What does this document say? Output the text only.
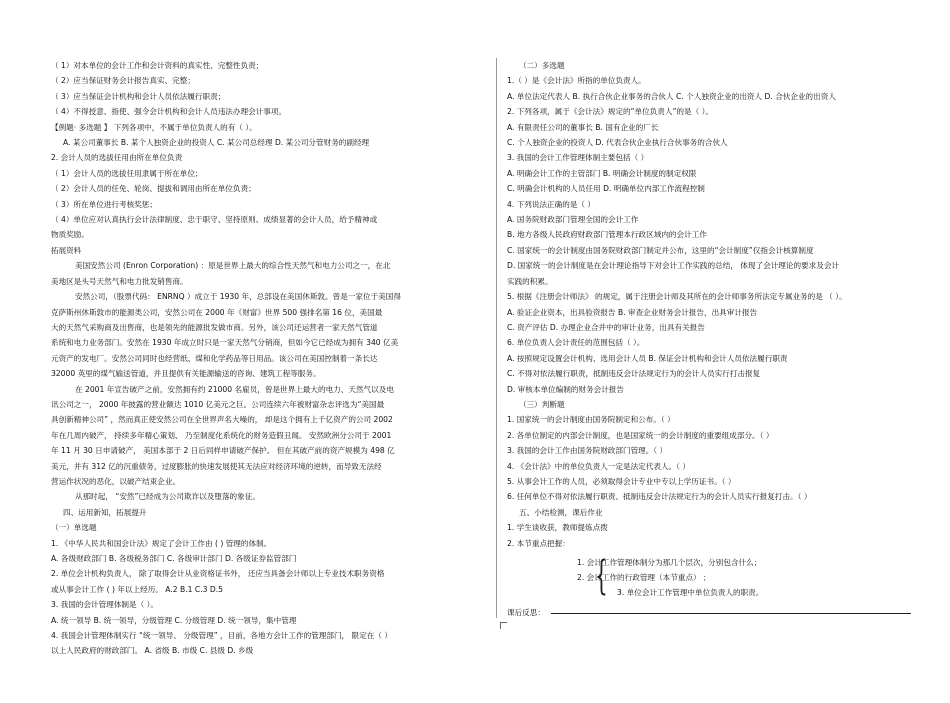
（ 1）对本单位的会计工作和会计资料的真实性、完整性负责；
（ 2）应当保证财务会计报告真实、完整；
（ 3）应当保证会计机构和会计人员依法履行职责；
（ 4）不得授意、指使、强令会计机构和会计人员违法办理会计事项。
【例题· 多选题 】 下列各项中，不属于单位负责人的有（ ）。
A. 某公司董事长 B. 某个人独资企业的投资人 C. 某公司总经理 D. 某公司分管财务的副经理
2. 会计人员的选拔任用由所在单位负责
（ 1）会计人员的选拔任用隶属于所在单位；
（ 2）会计人员的任免、轮岗、提拔和调用由所在单位负责；
（ 3）所在单位进行考核奖惩；
（ 4）单位应对认真执行会计法律制度、忠于职守、坚持原则、成绩显著的会计人员，给予精神或
物质奖励。
拓展资料
美国安然公司 (Enron Corporation) ：原是世界上最大的综合性天然气和电力公司之一，在北
美地区是头号天然气和电力批发销售商。
安然公司，（股票代码： ENRNQ ）成立于 1930 年，总部设在美国休斯敦。曾是一家位于美国得
克萨斯州休斯敦市的能源类公司，安然公司在 2000 年《财富》世界 500 强排名第 16 位，美国最
大的天然气采购商及出售商，也是领先的能源批发做市商。另外，该公司还运营者一家天然气管道
系统和电力业务部门。安然在 1930 年成立时只是一家天然气分销商，但如今它已经成为拥有 340 亿美
元资产的发电厂。安然公司同时也经营纸、煤和化学药品等日用品。该公司在美国控制着一条长达
32000 英里的煤气输送管道，并且提供有关能源输送的咨询、建筑工程等服务。
在 2001 年宣告破产之前，安然拥有约 21000 名雇员，曾是世界上最大的电力、天然气以及电
讯公司之一， 2000 年披露的营业额达 1010 亿美元之巨。公司连续六年被财富杂志评选为“美国最
具创新精神公司” ，然而真正使安然公司在全世界声名大噪的， 却是这个拥有上千亿资产的公司 2002
年在几周内破产， 持续多年精心策划、 乃至制度化系统化的财务造假丑闻。 安然欧洲分公司于 2001
年 11 月 30 日申请破产， 美国本部于 2 日后同样申请破产保护。 但在其破产前的资产规模为 498 亿
美元，并有 312 亿的沉重债务，过度膨胀的快速发展使其无法应对经济环境的逆转，而导致无法经
营运作状况的恶化，以破产结束企业。
从那时起， “安然”已经成为公司欺诈以及堕落的象征。
四、运用新知，拓展提升
（一）单选题
1. 《中华人民共和国会计法》规定了会计工作由 ( ) 管理的体制。
A. 各级财政部门 B. 各级税务部门 C. 各级审计部门 D. 各级证券监管部门
2. 单位会计机构负责人， 除了取得会计从业资格证书外， 还应当具备会计师以上专业技术职务资格
或从事会计工作 ( ) 年以上经历。 A.2 B.1 C.3 D.5
3. 我国的会计管理体制是（ ）。
A. 统一领导 B. 统一领导，分级管理 C. 分级管理 D. 统一领导，集中管理
4. 我国会计管理体制实行 “统一领导、 分级管理” ，目前，各地方会计工作的管理部门， 限定在（ ）
以上人民政府的财政部门。 A. 省级 B. 市级 C. 县级 D. 乡级
（二）多选题
1.（ ）是《会计法》所指的单位负责人。
A. 单位法定代表人 B. 执行合伙企业事务的合伙人 C. 个人独资企业的出资人 D. 合伙企业的出资人
2. 下列各项，属于《会计法》规定的“单位负责人”的是（ ）。
A. 有限责任公司的董事长 B. 国有企业的厂长
C. 个人独资企业的投资人 D. 代表合伙企业执行合伙事务的合伙人
3. 我国的会计工作管理体制主要包括（ ）
A. 明确会计工作的主管部门 B. 明确会计制度的制定权限
C. 明确会计机构的人员任用 D. 明确单位内部工作流程控制
4. 下列说法正确的是（ ）
A. 国务院财政部门管理全国的会计工作
B. 地方各级人民政府财政部门管理本行政区域内的会计工作
C. 国家统一的会计制度由国务院财政部门制定并公布，这里的“会计制度”仅指会计核算制度
D. 国家统一的会计制度是在会计理论指导下对会计工作实践的总结， 体现了会计理论的要求及会计
实践的积累。
5. 根据《注册会计师法》 的规定，属于注册会计师及其所在的会计师事务所法定专属业务的是 （ ）。
A. 验证企业资本，出具验资报告 B. 审查企业财务会计报告，出具审计报告
C. 资产评估 D. 办理企业合并中的审计业务，出具有关报告
6. 单位负责人会计责任的范围包括（ ）。
A. 按照规定设置会计机构、选用会计人员 B. 保证会计机构和会计人员依法履行职责
C. 不得对依法履行职责，抵制违反会计法规定行为的会计人员实行打击报复
D. 审核本单位编制的财务会计报告
（三）判断题
1. 国家统一的会计制度由国务院制定和公布。（ ）
2. 各单位制定的内部会计制度，也是国家统一的会计制度的重要组成部分。（ ）
3. 我国的会计工作由国务院财政部门管理。（ ）
4. 《会计法》中的单位负责人一定是法定代表人。（ ）
5. 从事会计工作的人员，必须取得会计专业中专以上学历证书。（ ）
6. 任何单位不得对依法履行职责、抵制违反会计法规定行为的会计人员实行报复打击。（ ）
五、小结检测，课后作业
1. 学生谈收获，教师提炼点拨
2. 本节重点把握：
{
1. 会计工作管理体制分为那几个层次，分别包含什么；
2. 会计工作的行政管理（本节重点） ；
3. 单位会计工作管理中单位负责人的职责。
课后反思：
